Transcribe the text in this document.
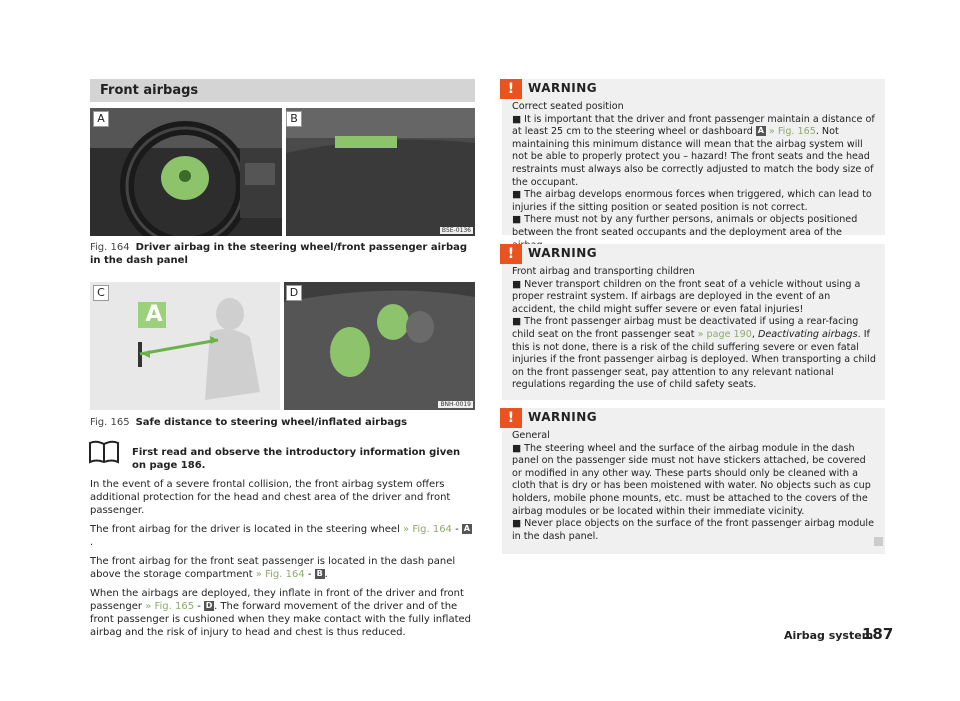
Front airbags
A	B
B5E-0136
Fig. 164 Driver airbag in the steering wheel/front passenger airbag in the dash panel
C	D
A
BNH-0019
Fig. 165 Safe distance to steering wheel/inflated airbags
First read and observe the introductory information given on page 186.

In the event of a severe frontal collision, the front airbag system offers additional protection for the head and chest area of the driver and front passenger.

The front airbag for the driver is located in the steering wheel » Fig. 164 - A.

The front airbag for the front seat passenger is located in the dash panel above the storage compartment » Fig. 164 - B .

When the airbags are deployed, they inflate in front of the driver and front passenger » Fig. 165 - D . The forward movement of the driver and of the front passenger is cushioned when they make contact with the fully inflated airbag and the risk of injury to head and chest is thus reduced.

!	WARNING
Correct seated position
■ It is important that the driver and front passenger maintain a distance of at least 25 cm to the steering wheel or dashboard A » Fig. 165. Not maintaining this minimum distance will mean that the airbag system will not be able to properly protect you – hazard! The front seats and the head restraints must always also be correctly adjusted to match the body size of the occupant.
■ The airbag develops enormous forces when triggered, which can lead to injuries if the sitting position or seated position is not correct.
■ There must not by any further persons, animals or objects positioned between the front seated occupants and the deployment area of the
!	WARNING
Front airbag and transporting children
■ Never transport children on the front seat of a vehicle without using a proper restraint system. If airbags are deployed in the event of an accident, the child might suffer severe or even fatal injuries!
■ The front passenger airbag must be deactivated if using a rear-facing child seat on the front passenger seat » page 190, Deactivating airbags. If this is not done, there is a risk of the child suffering severe or even fatal injuries if the front passenger airbag is deployed. When transporting a child on the front passenger seat, pay attention to any relevant national regulations regarding the use of child safety seats.
!	WARNING
General
■ The steering wheel and the surface of the airbag module in the dash panel on the passenger side must not have stickers attached, be covered or modified in any other way. These parts should only be cleaned with a cloth that is dry or has been moistened with water. No objects such as cup holders, mobile phone mounts, etc. must be attached to the covers of the airbag modules or be located within their immediate vicinity.
■ Never place objects on the surface of the front passenger airbag module in the dash panel.
Airbag system
187
